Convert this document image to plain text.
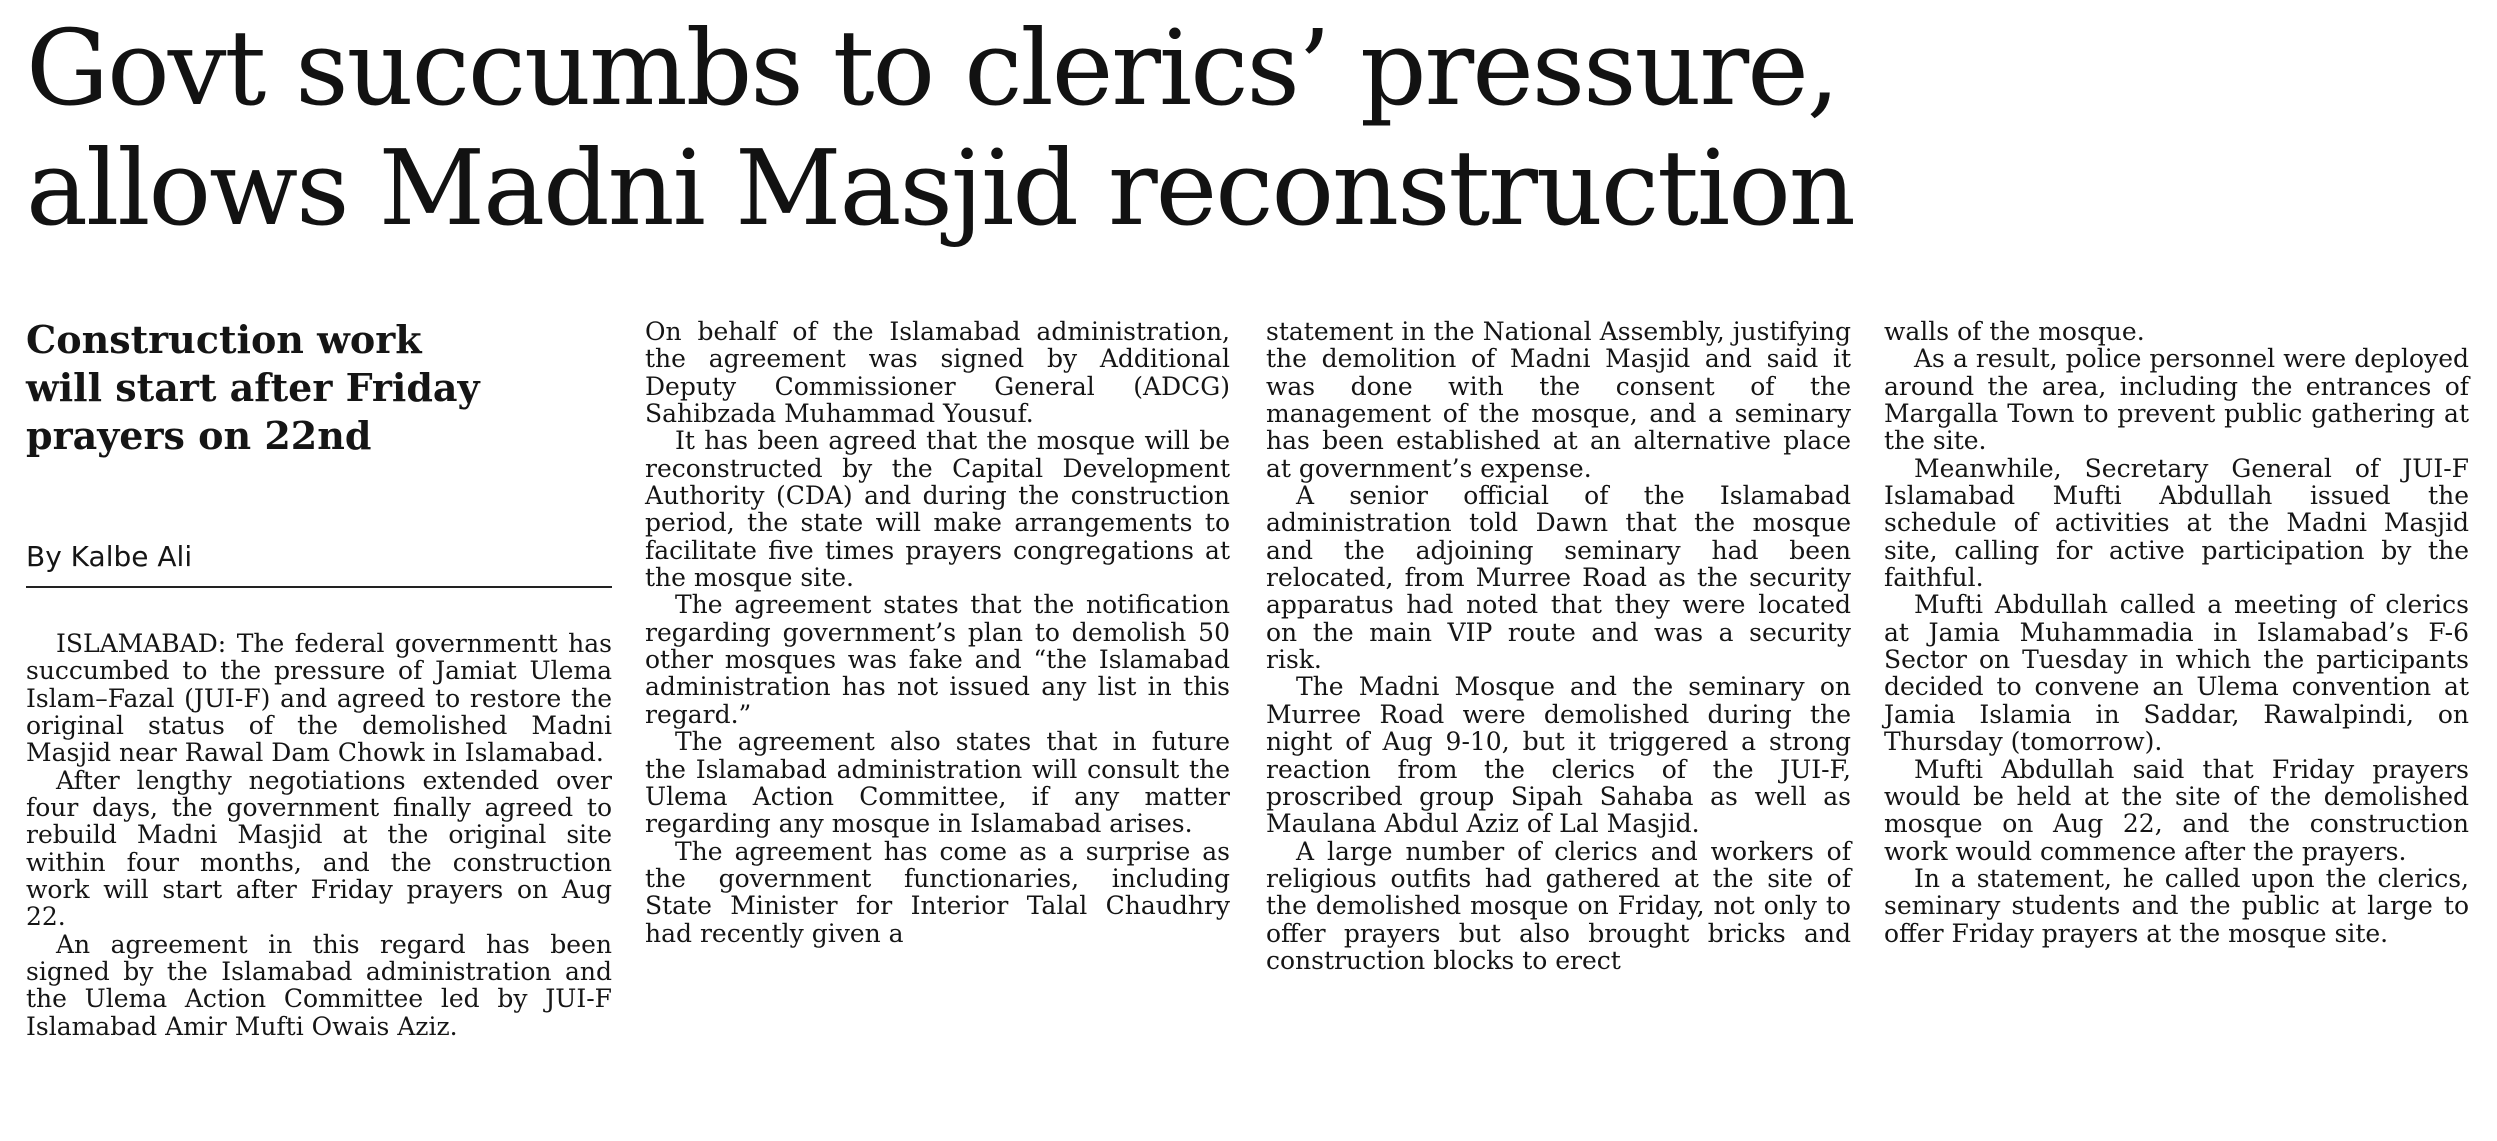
Govt succumbs to clerics’ pressure,
allows Madni Masjid reconstruction
Construction work
will start after Friday
prayers on 22nd
By Kalbe Ali

ISLAMABAD: The federal governmentt has succumbed to the pressure of Jamiat Ulema Islam–Fazal (JUI-F) and agreed to restore the original status of the demolished Madni Masjid near Rawal Dam Chowk in Islamabad.

After lengthy negotiations extended over four days, the government finally agreed to rebuild Madni Masjid at the original site within four months, and the construction work will start after Friday prayers on Aug 22.

An agreement in this regard has been signed by the Islamabad administration and the Ulema Action Committee led by JUI-F Islamabad Amir Mufti Owais Aziz.

On behalf of the Islamabad administration, the agreement was signed by Additional Deputy Commissioner General (ADCG) Sahibzada Muhammad Yousuf.

It has been agreed that the mosque will be reconstructed by the Capital Development Authority (CDA) and during the construction period, the state will make arrangements to facilitate five times prayers congregations at the mosque site.

The agreement states that the notification regarding government’s plan to demolish 50 other mosques was fake and “the Islamabad administration has not issued any list in this regard.”

The agreement also states that in future the Islamabad administration will consult the Ulema Action Committee, if any matter regarding any mosque in Islamabad arises.

The agreement has come as a surprise as the government functionaries, including State Minister for Interior Talal Chaudhry had recently given a

statement in the National Assembly, justifying the demolition of Madni Masjid and said it was done with the consent of the management of the mosque, and a seminary has been established at an alternative place at government’s expense.

A senior official of the Islamabad administration told Dawn that the mosque and the adjoining seminary had been relocated, from Murree Road as the security apparatus had noted that they were located on the main VIP route and was a security risk.

The Madni Mosque and the seminary on Murree Road were demolished during the night of Aug 9-10, but it triggered a strong reaction from the clerics of the JUI-F, proscribed group Sipah Sahaba as well as Maulana Abdul Aziz of Lal Masjid.

A large number of clerics and workers of religious outfits had gathered at the site of the demolished mosque on Friday, not only to offer prayers but also brought bricks and construction blocks to erect

walls of the mosque.

As a result, police personnel were deployed around the area, including the entrances of Margalla Town to prevent public gathering at the site.

Meanwhile, Secretary General of JUI-F Islamabad Mufti Abdullah issued the schedule of activities at the Madni Masjid site, calling for active participation by the faithful.

Mufti Abdullah called a meeting of clerics at Jamia Muhammadia in Islamabad’s F-6 Sector on Tuesday in which the participants decided to convene an Ulema convention at Jamia Islamia in Saddar, Rawalpindi, on Thursday (tomorrow).

Mufti Abdullah said that Friday prayers would be held at the site of the demolished mosque on Aug 22, and the construction work would commence after the prayers.

In a statement, he called upon the clerics, seminary students and the public at large to offer Friday prayers at the mosque site.
